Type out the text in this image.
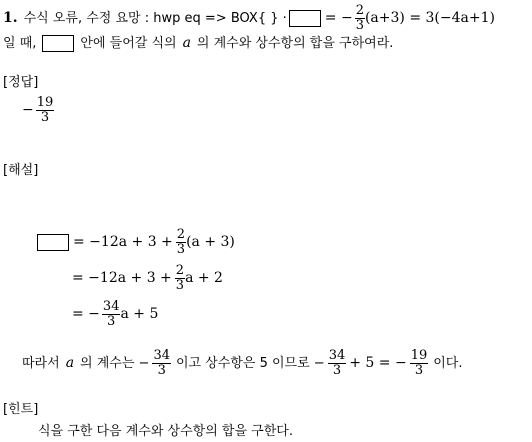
1. 수식 오류, 수정 요망 : hwp eq => BOX{ } ·	= − $\frac{2}{3} (a+3) = 3(-4a+1)$
일 때,	안에 들어갈 식의 a 의 계수와 상수항의 합을 구하여라.
[정답]
− $\frac{19}{3}$
[해설]
= $-12a + 3 + \frac{2}{3} (a + 3)$
= $-12a + 3 + \frac{2}{3}$ a + 2
= − $\frac{34}{3}$ a + 5
따라서 a 의 계수는 − $\frac{34}{3}$ 이고 상수항은 5 이므로 − $\frac{34}{3} + 5$ = − $\frac{19}{3}$ 이다.
[힌트]
식을 구한 다음 계수와 상수항의 합을 구한다.
